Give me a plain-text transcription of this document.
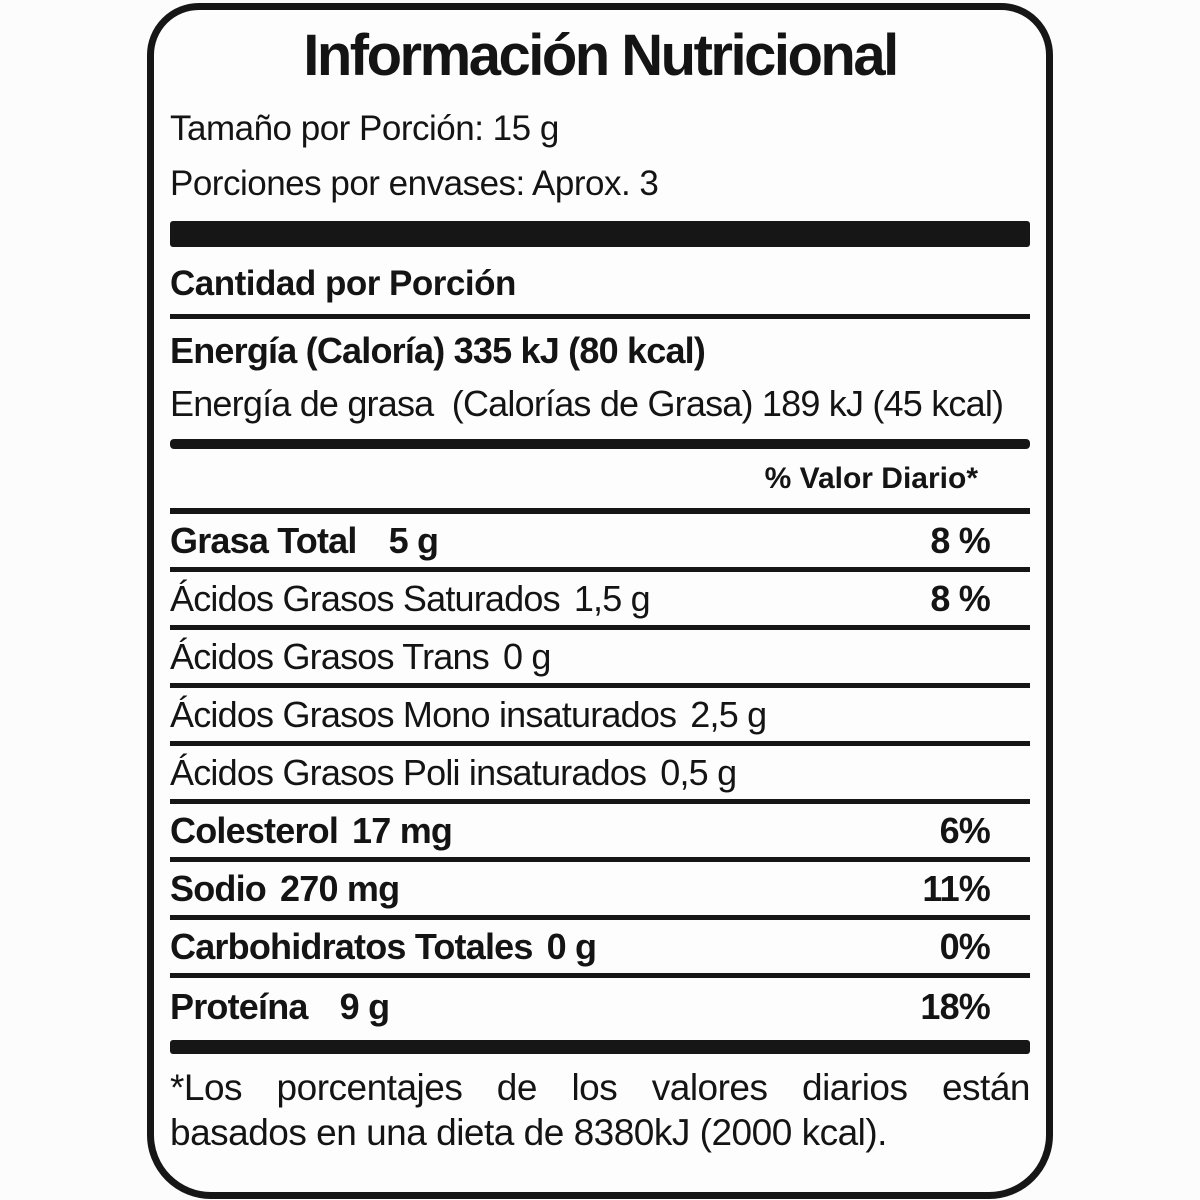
Información Nutricional
Tamaño por Porción: 15 g
Porciones por envases: Aprox. 3
Cantidad por Porción
Energía (Caloría) 335 kJ (80 kcal)
Energía de grasa  (Calorías de Grasa) 189 kJ (45 kcal)
% Valor Diario*
Grasa Total 5 g	8 %
Ácidos Grasos Saturados 1,5 g	8 %
Ácidos Grasos Trans 0 g
Ácidos Grasos Mono insaturados 2,5 g
Ácidos Grasos Poli insaturados 0,5 g
Colesterol 17 mg	6%
Sodio 270 mg	11%
Carbohidratos Totales 0 g	0%
Proteína 9 g	18%
*Los porcentajes de los valores diarios están
basados en una dieta de 8380kJ (2000 kcal).
